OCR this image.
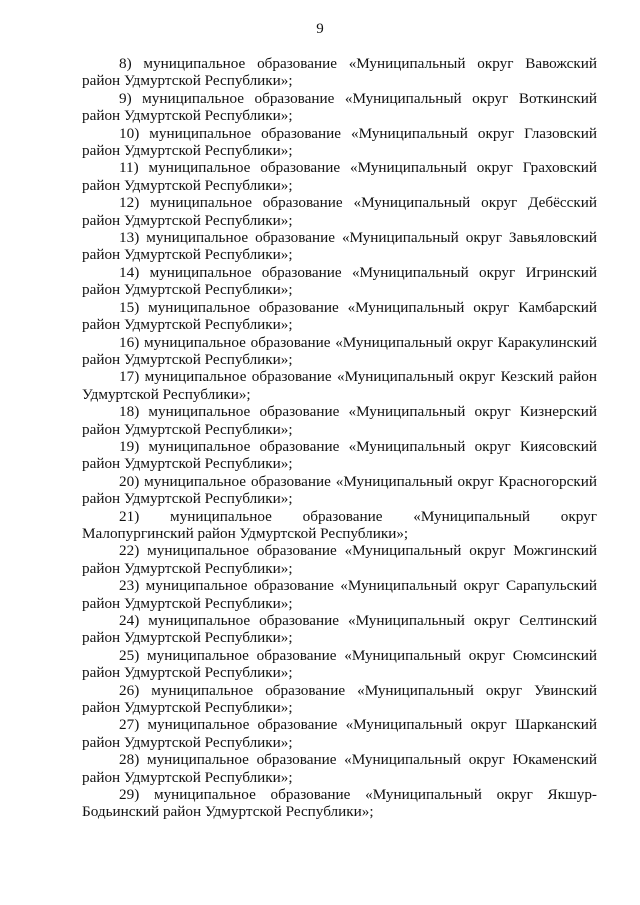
9

8) муниципальное образование «Муниципальный округ Вавожский район Удмуртской Республики»;

9) муниципальное образование «Муниципальный округ Воткинский район Удмуртской Республики»;

10) муниципальное образование «Муниципальный округ Глазовский район Удмуртской Республики»;

11) муниципальное образование «Муниципальный округ Граховский район Удмуртской Республики»;

12) муниципальное образование «Муниципальный округ Дебёсский район Удмуртской Республики»;

13) муниципальное образование «Муниципальный округ Завьяловский район Удмуртской Республики»;

14) муниципальное образование «Муниципальный округ Игринский район Удмуртской Республики»;

15) муниципальное образование «Муниципальный округ Камбарский район Удмуртской Республики»;

16) муниципальное образование «Муниципальный округ Каракулинский район Удмуртской Республики»;

17) муниципальное образование «Муниципальный округ Кезский район Удмуртской Республики»;

18) муниципальное образование «Муниципальный округ Кизнерский район Удмуртской Республики»;

19) муниципальное образование «Муниципальный округ Киясовский район Удмуртской Республики»;

20) муниципальное образование «Муниципальный округ Красногорский район Удмуртской Республики»;

21) муниципальное образование «Муниципальный округ Малопургинский район Удмуртской Республики»;

22) муниципальное образование «Муниципальный округ Можгинский район Удмуртской Республики»;

23) муниципальное образование «Муниципальный округ Сарапульский район Удмуртской Республики»;

24) муниципальное образование «Муниципальный округ Селтинский район Удмуртской Республики»;

25) муниципальное образование «Муниципальный округ Сюмсинский район Удмуртской Республики»;

26) муниципальное образование «Муниципальный округ Увинский район Удмуртской Республики»;

27) муниципальное образование «Муниципальный округ Шарканский район Удмуртской Республики»;

28) муниципальное образование «Муниципальный округ Юкаменский район Удмуртской Республики»;

29) муниципальное образование «Муниципальный округ Якшур-Бодьинский район Удмуртской Республики»;
